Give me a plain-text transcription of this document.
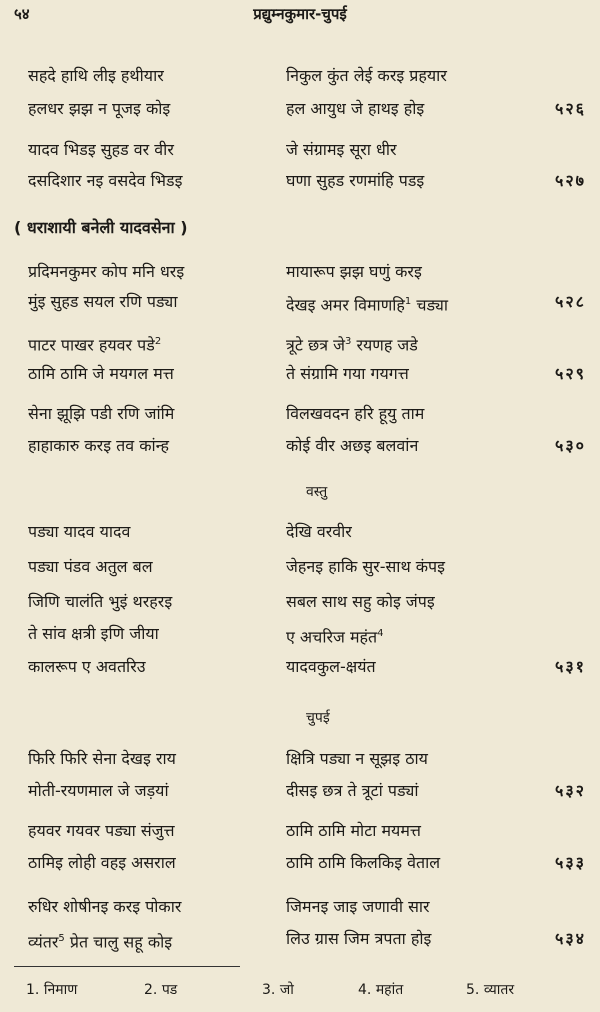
५४	प्रद्युम्नकुमार-चुपई
सहदे हाथि लीइ हथीयार	निकुल कुंत लेई करइ प्रहयार
हलधर झझ न पूजइ कोइ	हल आयुध जे हाथइ होइ	५२६
यादव भिडइ सुहड वर वीर	जे संग्रामइ सूरा धीर
दसदिशार नइ वसदेव भिडइ	घणा सुहड रणमांहि पडइ	५२७
( धराशायी बनेली यादवसेना )
प्रदिमनकुमर कोप मनि धरइ	मायारूप झझ घणुं करइ
मुंइ सुहड सयल रणि पड्या	देखइ अमर विमाणहि$^1$ चड्या	५२८
पाटर पाखर हयवर पडे$^2$	त्रूटे छत्र जे$^3$ रयणह जडे
ठामि ठामि जे मयगल मत्त	ते संग्रामि गया गयगत्त	५२९
सेना झूझि पडी रणि जांमि	विलखवदन हरि हूयु ताम
हाहाकारु करइ तव कांन्ह	कोई वीर अछइ बलवांन	५३०
वस्तु
पड्या यादव यादव	देखि वरवीर
पड्या पंडव अतुल बल	जेहनइ हाकि सुर-साथ कंपइ
जिणि चालंति भुइं थरहरइ	सबल साथ सहु कोइ जंपइ
ते सांव क्षत्री इणि जीया	ए अचरिज महंत$^4$
कालरूप ए अवतरिउ	यादवकुल-क्षयंत	५३१
चुपई
फिरि फिरि सेना देखइ राय	क्षित्रि पड्या न सूझइ ठाय
मोती-रयणमाल जे जड़यां	दीसइ छत्र ते त्रूटां पड्यां	५३२
हयवर गयवर पड्या संजुत्त	ठामि ठामि मोटा मयमत्त
ठामिइ लोही वहइ असराल	ठामि ठामि किलकिइ वेताल	५३३
रुधिर शोषीनइ करइ पोकार	जिमनइ जाइ जणावी सार
व्यंतर$^5$ प्रेत चालु सहू कोइ	लिउ ग्रास जिम त्रपता होइ	५३४
1. निमाण	2. पड	3. जो	4. महांत	5. व्यातर
